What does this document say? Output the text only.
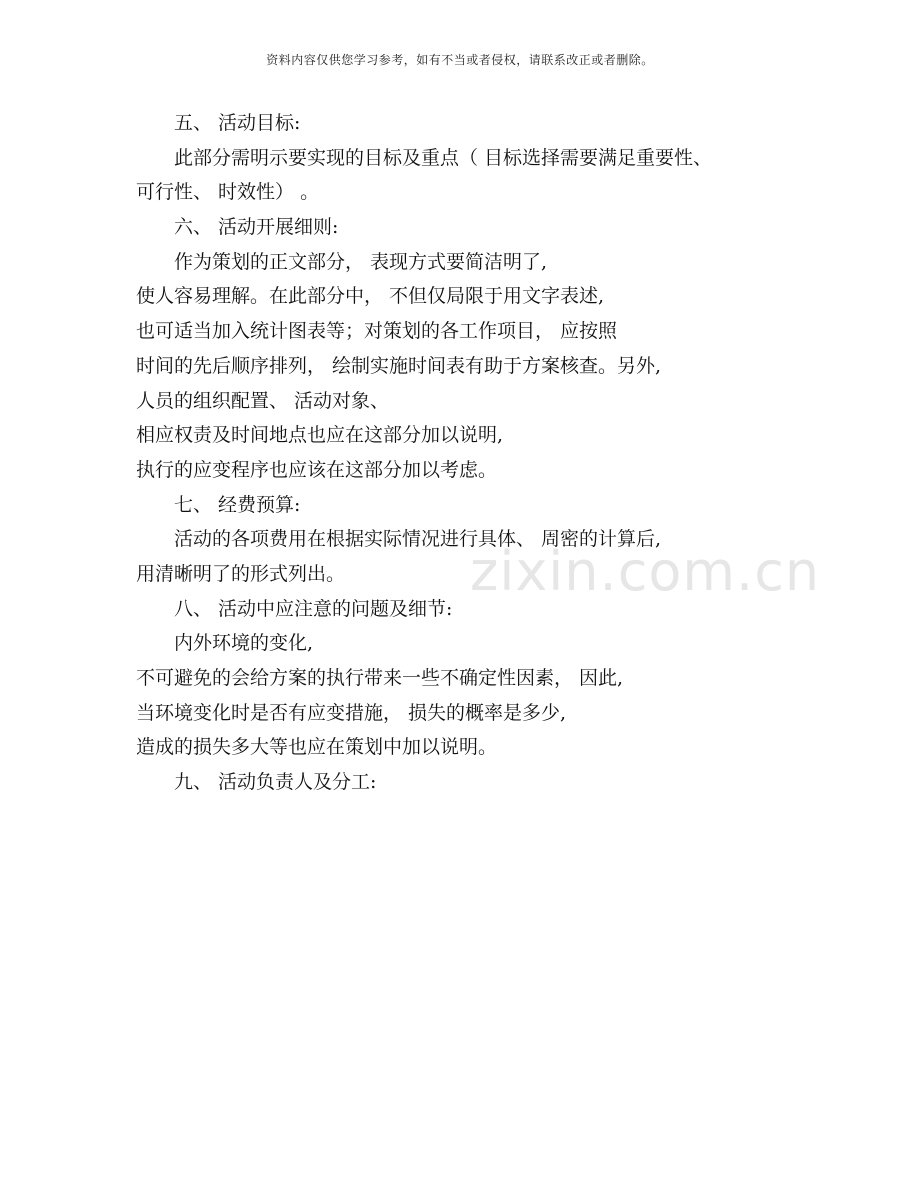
资料内容仅供您学习参考，如有不当或者侵权，请联系改正或者删除。
zixin.com.cn
五、 活动目标:
此部分需明示要实现的目标及重点（ 目标选择需要满足重要性、
可行性、 时效性） 。
六、 活动开展细则:
作为策划的正文部分， 表现方式要简洁明了,
使人容易理解。在此部分中， 不但仅局限于用文字表述,
也可适当加入统计图表等；对策划的各工作项目， 应按照
时间的先后顺序排列， 绘制实施时间表有助于方案核查。另外,
人员的组织配置、 活动对象、
相应权责及时间地点也应在这部分加以说明,
执行的应变程序也应该在这部分加以考虑。
七、 经费预算:
活动的各项费用在根据实际情况进行具体、 周密的计算后,
用清晰明了的形式列出。
八、 活动中应注意的问题及细节:
内外环境的变化,
不可避免的会给方案的执行带来一些不确定性因素， 因此,
当环境变化时是否有应变措施， 损失的概率是多少,
造成的损失多大等也应在策划中加以说明。
九、 活动负责人及分工:
